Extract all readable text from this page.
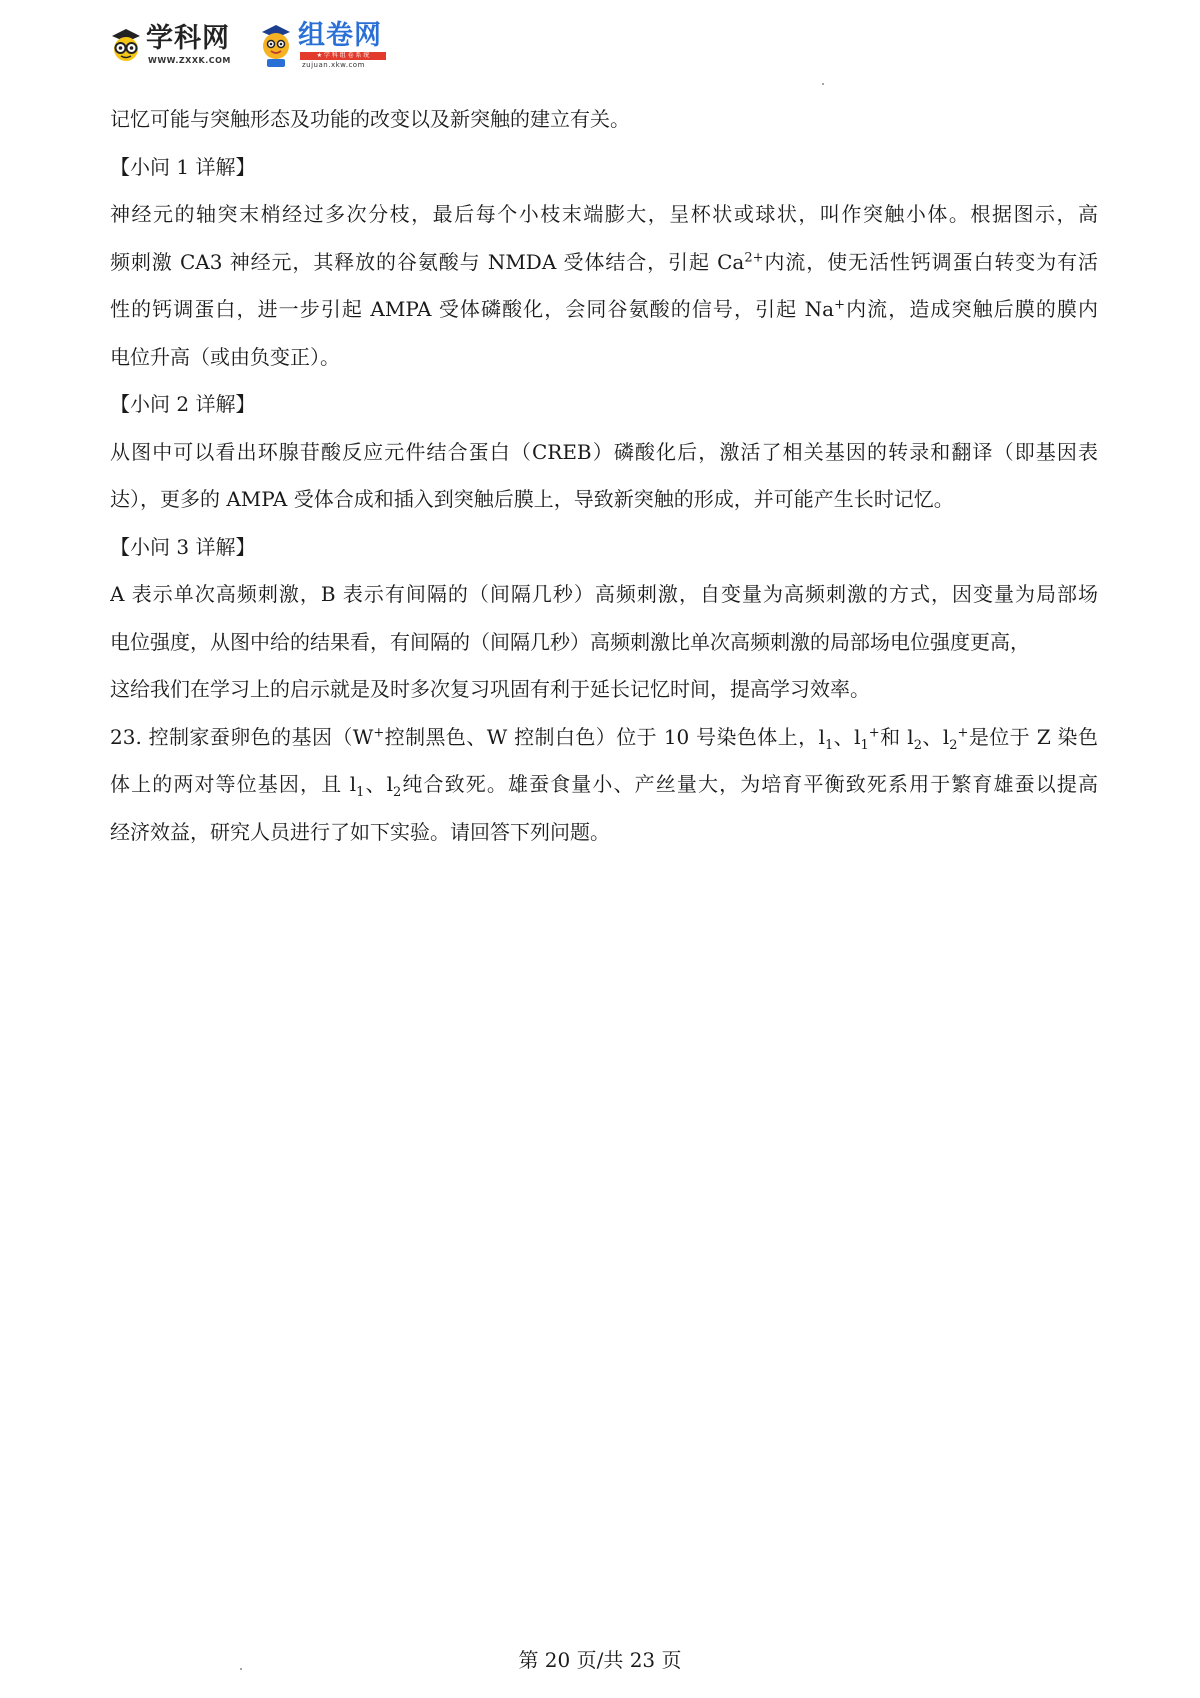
学科网
WWW.ZXXK.COM
组卷网
★ 学 科 组 卷 系 统
zujuan.xkw.com
记忆可能与突触形态及功能的改变以及新突触的建立有关。
【小问 1 详解】
神经元的轴突末梢经过多次分枝，最后每个小枝末端膨大，呈杯状或球状，叫作突触小体。根据图示，高
频刺激 CA3 神经元，其释放的谷氨酸与 NMDA 受体结合，引起 $Ca^{2+}$内流，使无活性钙调蛋白转变为有活
性的钙调蛋白，进一步引起 AMPA 受体磷酸化，会同谷氨酸的信号，引起 Na+内流，造成突触后膜的膜内
电位升高（或由负变正）。
【小问 2 详解】
从图中可以看出环腺苷酸反应元件结合蛋白（CREB）磷酸化后，激活了相关基因的转录和翻译（即基因表
达），更多的 AMPA 受体合成和插入到突触后膜上，导致新突触的形成，并可能产生长时记忆。
【小问 3 详解】
A 表示单次高频刺激，B 表示有间隔的（间隔几秒）高频刺激，自变量为高频刺激的方式，因变量为局部场
电位强度，从图中给的结果看，有间隔的（间隔几秒）高频刺激比单次高频刺激的局部场电位强度更高，
这给我们在学习上的启示就是及时多次复习巩固有利于延长记忆时间，提高学习效率。
23. 控制家蚕卵色的基因（W+控制黑色、W 控制白色）位于 10 号染色体上，$l_1$、$l_1^+$和 $l_2$、$l_2^+$是位于 Z 染色
体上的两对等位基因，且 $l_1$、$l_2$纯合致死。雄蚕食量小、产丝量大，为培育平衡致死系用于繁育雄蚕以提高
经济效益，研究人员进行了如下实验。请回答下列问题。
第 20 页/共 23 页
